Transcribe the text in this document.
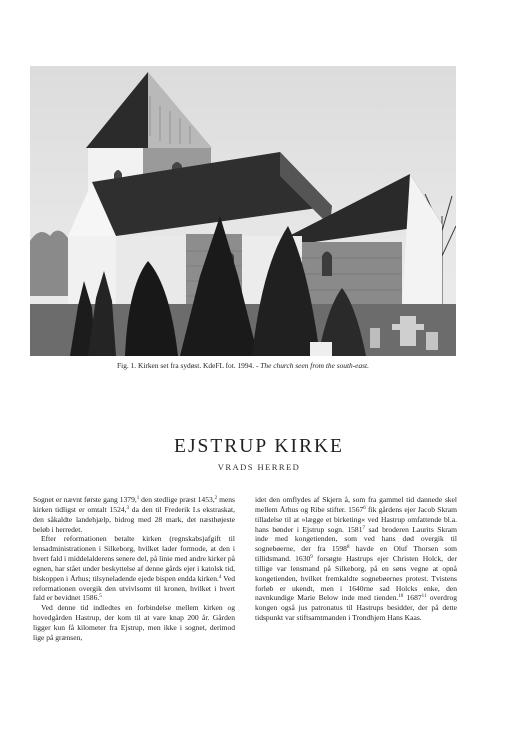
Fig. 1. Kirken set fra sydøst. KdeFL fot. 1994. - The church seen from the south-east.
EJSTRUP KIRKE
VRADS HERRED

Sognet er nævnt første gang 1379,$^1$ den stedlige præst 1453,$^2$ mens kirken tidligst er omtalt 1524,$^3$ da den til Frederik I.s ekstraskat, den såkaldte landehjælp, bidrog med 28 mark, det næsthøjeste beløb i herredet.

Efter reformationen betalte kirken (regnskabs)afgift til lensadministrationen i Silkeborg, hvilket lader formode, at den i hvert fald i middelalderens senere del, på linie med andre kirker på egnen, har stået under beskyttelse af denne gårds ejer i katolsk tid, biskoppen i Århus; tilsyneladende ejede bispen endda kirken.$^4$ Ved reformationen overgik den utvivlsomt til kronen, hvilket i hvert fald er bevidnet 1586.$^5$

Ved denne tid indledtes en forbindelse mellem kirken og hovedgården Hastrup, der kom til at vare knap 200 år. Gården ligger kun få kilometer fra Ejstrup, men ikke i sognet, derimod lige på grænsen,

idet den omflydes af Skjern å, som fra gammel tid dannede skel mellem Århus og Ribe stifter. 1567$^6$ fik gårdens ejer Jacob Skram tilladelse til at »lægge et birketing« ved Hastrup omfattende bl.a. hans bønder i Ejstrup sogn. 1581$^7$ sad broderen Laurits Skram inde med kongetienden, som ved hans død overgik til sognebøerne, der fra 1598$^8$ havde en Oluf Thorsen som tillidsmand. 1630$^9$ forsøgte Hastrups ejer Christen Holck, der tillige var lensmand på Silkeborg, på en søns vegne at opnå kongetienden, hvilket fremkaldte sognebøernes protest. Tvistens forløb er ukendt, men i 1640rne sad Holcks enke, den navnkundige Marie Below inde med tienden.$^{10}$ 1687$^{11}$ overdrog kongen også jus patronatus til Hastrups besidder, der på dette tidspunkt var stiftsamtmanden i Trondhjem Hans Kaas.
